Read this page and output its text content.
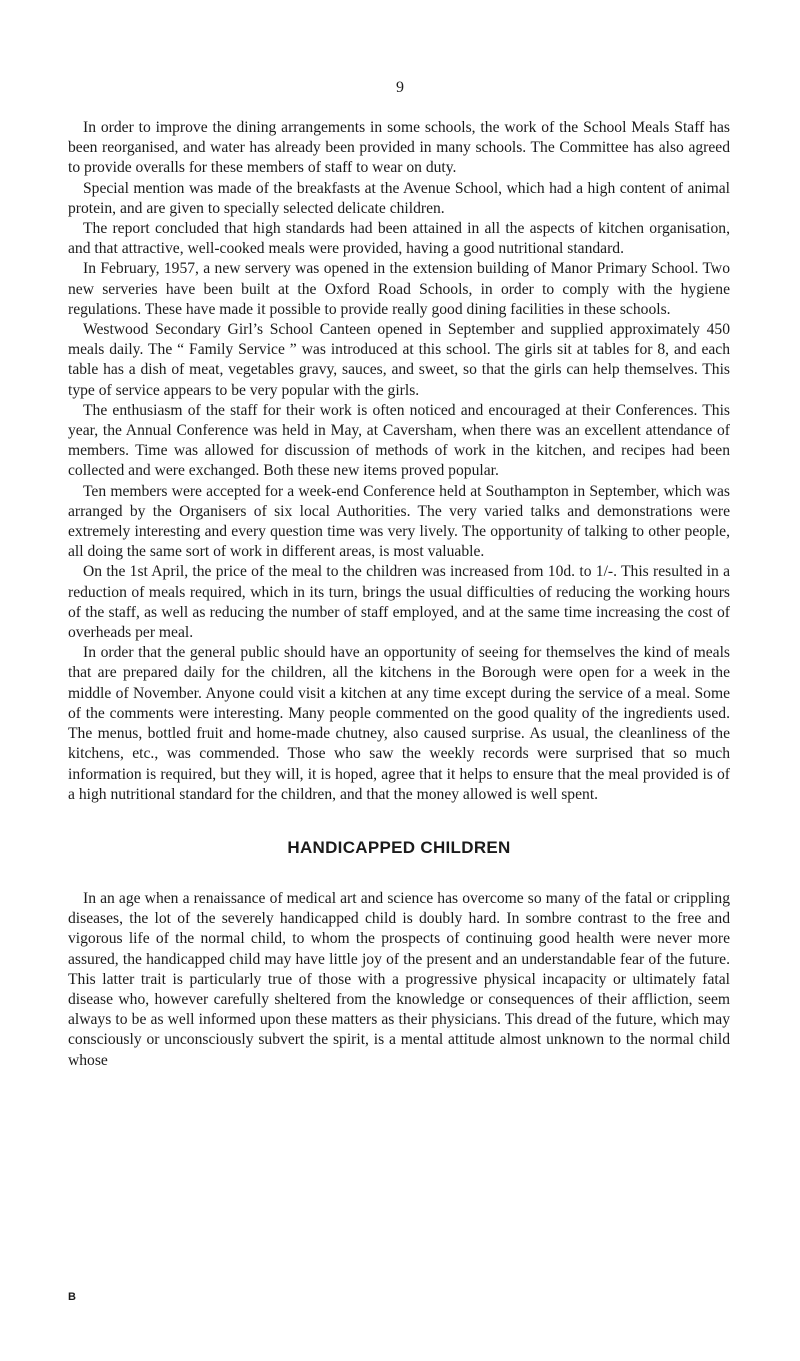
9

In order to improve the dining arrangements in some schools, the work of the School Meals Staff has been reorganised, and water has already been provided in many schools. The Committee has also agreed to provide overalls for these members of staff to wear on duty.

Special mention was made of the breakfasts at the Avenue School, which had a high content of animal protein, and are given to specially selected delicate children.

The report concluded that high standards had been attained in all the aspects of kitchen organisation, and that attractive, well-cooked meals were provided, having a good nutritional standard.

In February, 1957, a new servery was opened in the extension building of Manor Primary School. Two new serveries have been built at the Oxford Road Schools, in order to comply with the hygiene regulations. These have made it possible to provide really good dining facilities in these schools.

Westwood Secondary Girl’s School Canteen opened in September and supplied approximately 450 meals daily. The “ Family Service ” was introduced at this school. The girls sit at tables for 8, and each table has a dish of meat, vegetables gravy, sauces, and sweet, so that the girls can help themselves. This type of service appears to be very popular with the girls.

The enthusiasm of the staff for their work is often noticed and encouraged at their Conferences. This year, the Annual Conference was held in May, at Caversham, when there was an excellent attendance of members. Time was allowed for discussion of methods of work in the kitchen, and recipes had been collected and were exchanged. Both these new items proved popular.

Ten members were accepted for a week-end Conference held at Southampton in September, which was arranged by the Organisers of six local Authorities. The very varied talks and demonstrations were extremely interesting and every question time was very lively. The opportunity of talking to other people, all doing the same sort of work in different areas, is most valuable.

On the 1st April, the price of the meal to the children was increased from 10d. to 1/-. This resulted in a reduction of meals required, which in its turn, brings the usual difficulties of reducing the working hours of the staff, as well as reducing the number of staff employed, and at the same time increasing the cost of overheads per meal.

In order that the general public should have an opportunity of seeing for themselves the kind of meals that are prepared daily for the children, all the kitchens in the Borough were open for a week in the middle of November. Anyone could visit a kitchen at any time except during the service of a meal. Some of the comments were interesting. Many people commented on the good quality of the ingredients used. The menus, bottled fruit and home-made chutney, also caused surprise. As usual, the cleanliness of the kitchens, etc., was commended. Those who saw the weekly records were surprised that so much information is required, but they will, it is hoped, agree that it helps to ensure that the meal provided is of a high nutritional standard for the children, and that the money allowed is well spent.

HANDICAPPED CHILDREN

In an age when a renaissance of medical art and science has overcome so many of the fatal or crippling diseases, the lot of the severely handicapped child is doubly hard. In sombre contrast to the free and vigorous life of the normal child, to whom the prospects of continuing good health were never more assured, the handicapped child may have little joy of the present and an understandable fear of the future. This latter trait is particularly true of those with a progressive physical incapacity or ultimately fatal disease who, however carefully sheltered from the knowledge or consequences of their affliction, seem always to be as well informed upon these matters as their physicians. This dread of the future, which may consciously or unconsciously subvert the spirit, is a mental attitude almost unknown to the normal child whose

B
